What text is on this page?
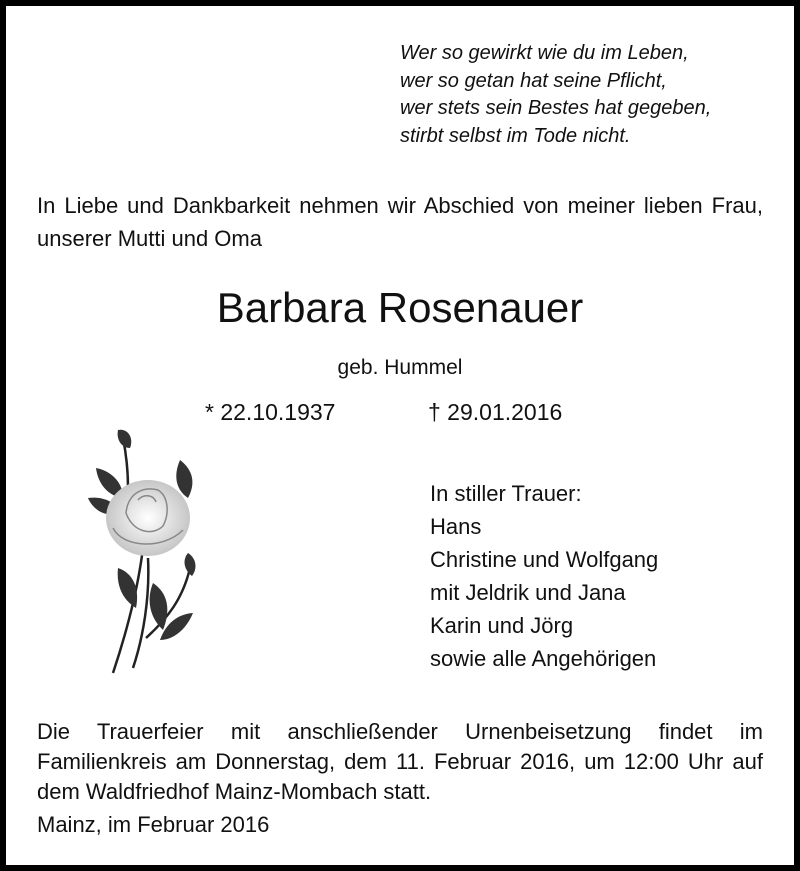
Wer so gewirkt wie du im Leben,
wer so getan hat seine Pflicht,
wer stets sein Bestes hat gegeben,
stirbt selbst im Tode nicht.
In Liebe und Dankbarkeit nehmen wir Abschied von meiner lieben Frau, unserer Mutti und Oma
Barbara Rosenauer
geb. Hummel
* 22.10.1937	† 29.01.2016
In stiller Trauer:
Hans
Christine und Wolfgang
mit Jeldrik und Jana
Karin und Jörg
sowie alle Angehörigen
Die Trauerfeier mit anschließender Urnenbeisetzung findet im Familienkreis am Donnerstag, dem 11. Februar 2016, um 12:00 Uhr auf dem Waldfriedhof Mainz-Mombach statt.
Mainz, im Februar 2016
